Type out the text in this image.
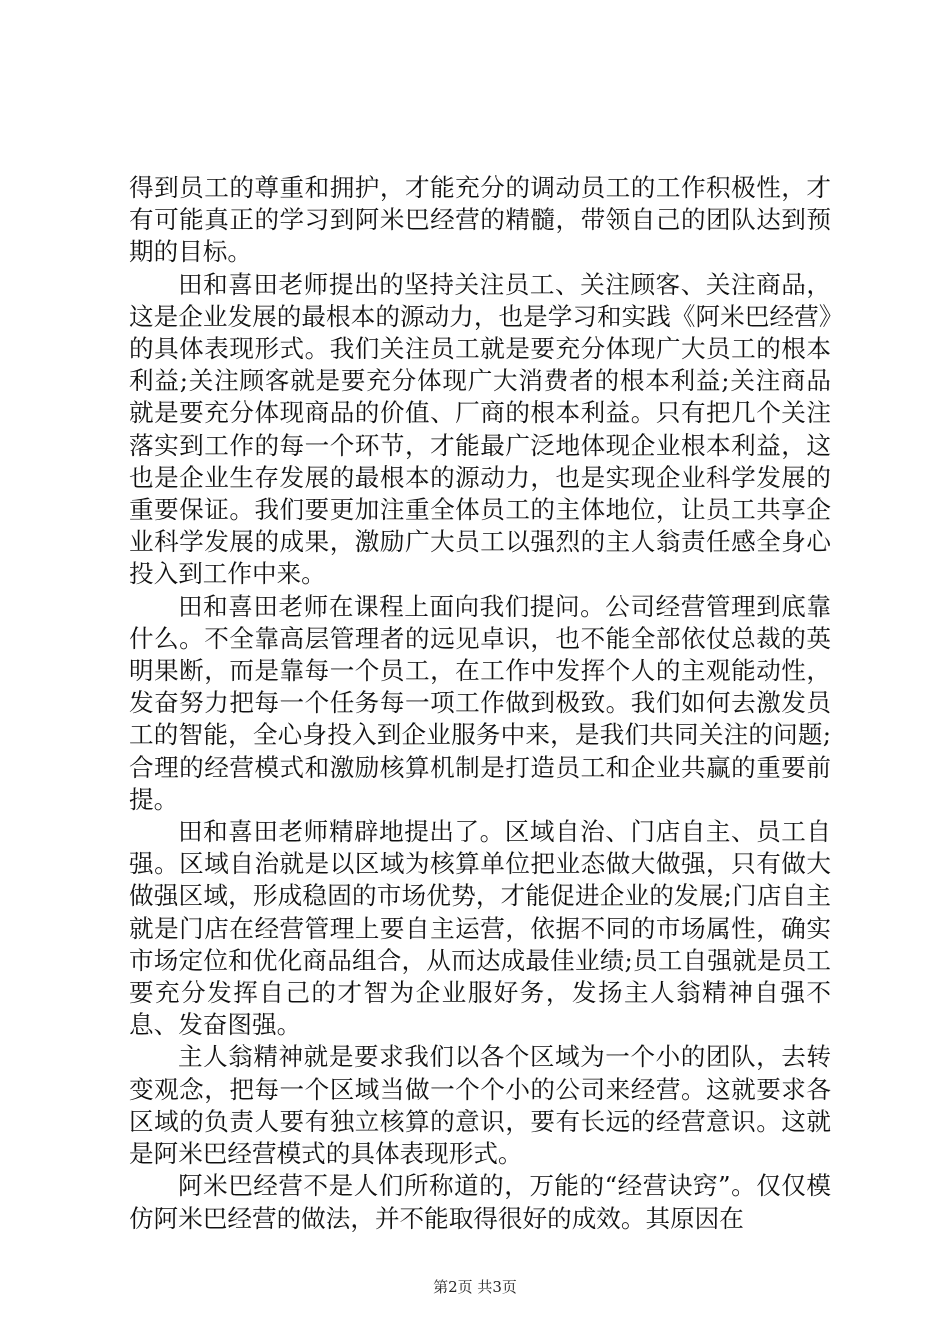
得到员工的尊重和拥护，才能充分的调动员工的工作积极性，才有可能真正的学习到阿米巴经营的精髓，带领自己的团队达到预期的目标。

田和喜田老师提出的坚持关注员工、关注顾客、关注商品，这是企业发展的最根本的源动力，也是学习和实践《阿米巴经营》的具体表现形式。我们关注员工就是要充分体现广大员工的根本利益;关注顾客就是要充分体现广大消费者的根本利益;关注商品就是要充分体现商品的价值、厂商的根本利益。只有把几个关注落实到工作的每一个环节，才能最广泛地体现企业根本利益，这也是企业生存发展的最根本的源动力，也是实现企业科学发展的重要保证。我们要更加注重全体员工的主体地位，让员工共享企业科学发展的成果，激励广大员工以强烈的主人翁责任感全身心投入到工作中来。

田和喜田老师在课程上面向我们提问。公司经营管理到底靠什么。不全靠高层管理者的远见卓识，也不能全部依仗总裁的英明果断，而是靠每一个员工，在工作中发挥个人的主观能动性，发奋努力把每一个任务每一项工作做到极致。我们如何去激发员工的智能，全心身投入到企业服务中来，是我们共同关注的问题;合理的经营模式和激励核算机制是打造员工和企业共赢的重要前提。

田和喜田老师精辟地提出了。区域自治、门店自主、员工自强。区域自治就是以区域为核算单位把业态做大做强，只有做大做强区域，形成稳固的市场优势，才能促进企业的发展;门店自主就是门店在经营管理上要自主运营，依据不同的市场属性，确实市场定位和优化商品组合，从而达成最佳业绩;员工自强就是员工要充分发挥自己的才智为企业服好务，发扬主人翁精神自强不息、发奋图强。

主人翁精神就是要求我们以各个区域为一个小的团队，去转变观念，把每一个区域当做一个个小的公司来经营。这就要求各区域的负责人要有独立核算的意识，要有长远的经营意识。这就是阿米巴经营模式的具体表现形式。

阿米巴经营不是人们所称道的，万能的“经营诀窍”。仅仅模仿阿米巴经营的做法，并不能取得很好的成效。其原因在

第2页 共3页
